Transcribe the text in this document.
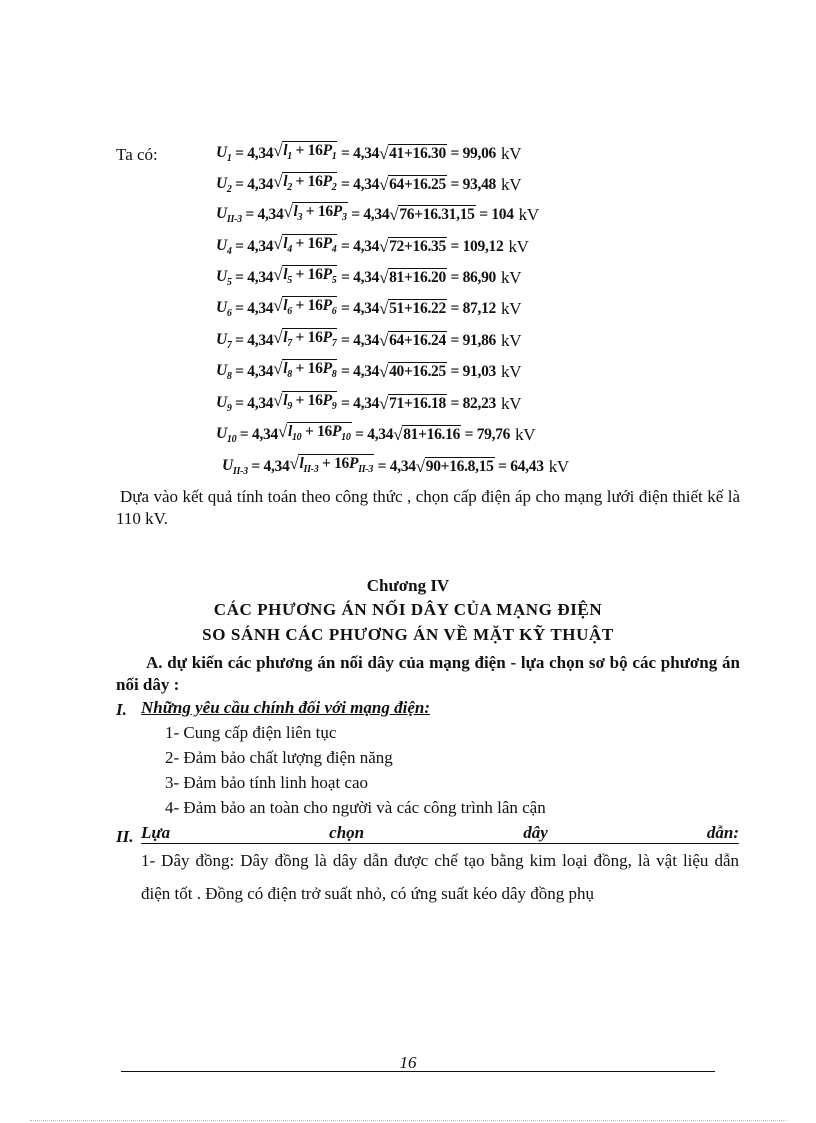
Ta có:	$U_1 = 4,34$ √ $l_1 + 16P_1 = 4,34$ √ 41+16.30 = 99,06 kV
$U_2 = 4,34$ √ $l_2 + 16P_2 = 4,34$ √ 64+16.25 = 93,48 kV
$U_{II-3} = 4,34$ √ $l_3 + 16P_3 = 4,34$ √ 76+16.31,15 = 104 kV
$U_4 = 4,34$ √ $l_4 + 16P_4 = 4,34$ √ 72+16.35 = 109,12 kV
$U_5 = 4,34$ √ $l_5 + 16P_5 = 4,34$ √ 81+16.20 = 86,90 kV
$U_6 = 4,34$ √ $l_6 + 16P_6 = 4,34$ √ 51+16.22 = 87,12 kV
$U_7 = 4,34$ √ $l_7 + 16P_7 = 4,34$ √ 64+16.24 = 91,86 kV
$U_8 = 4,34$ √ $l_8 + 16P_8 = 4,34$ √ 40+16.25 = 91,03 kV
$U_9 = 4,34$ √ $l_9 + 16P_9 = 4,34$ √ 71+16.18 = 82,23 kV
$U_{10} = 4,34$ √ $l_{10} + 16P_{10} = 4,34$ √ 81+16.16 = 79,76 kV
$U_{II-3} = 4,34$ √ $l_{II-3} + 16P_{II-3} = 4,34$ √ 90+16.8,15 = 64,43 kV
Dựa vào kết quả tính toán theo công thức , chọn cấp điện áp cho mạng lưới điện thiết kế là 110 kV.
Chương IV
CÁC PHƯƠNG ÁN NỐI DÂY CỦA MẠNG ĐIỆN
SO SÁNH CÁC PHƯƠNG ÁN VỀ MẶT KỸ THUẬT
A. dự kiến các phương án nối dây của mạng điện - lựa chọn sơ bộ các phương án nối dây :
I. Những yêu cầu chính đối với mạng điện:
1- Cung cấp điện liên tục
2- Đảm bảo chất lượng điện năng
3- Đảm bảo tính linh hoạt cao
4- Đảm bảo an toàn cho người và các công trình lân cận
II. Lựa	chọn	dây	dẫn:
1- Dây đồng: Dây đồng là dây dẫn được chế tạo bằng kim loại đồng, là vật liệu dẫn điện tốt . Đồng có điện trở suất nhỏ, có ứng suất kéo dây đồng phụ
16
